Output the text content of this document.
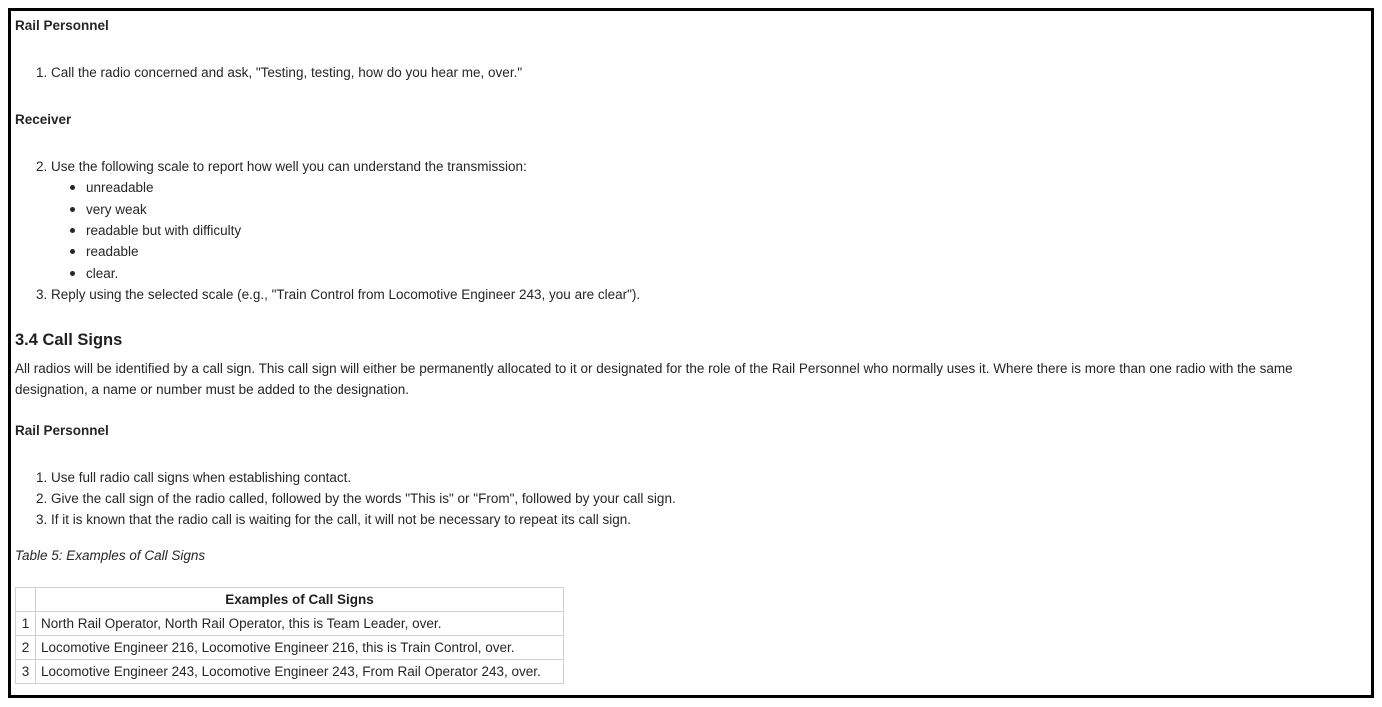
Rail Personnel
1. Call the radio concerned and ask, "Testing, testing, how do you hear me, over."
Receiver
2. Use the following scale to report how well you can understand the transmission:
unreadable
very weak
readable but with difficulty
readable
clear.
3. Reply using the selected scale (e.g., "Train Control from Locomotive Engineer 243, you are clear").
3.4 Call Signs
All radios will be identified by a call sign. This call sign will either be permanently allocated to it or designated for the role of the Rail Personnel who normally uses it. Where there is more than one radio with the same designation, a name or number must be added to the designation.
Rail Personnel
1. Use full radio call signs when establishing contact.
2. Give the call sign of the radio called, followed by the words "This is" or "From", followed by your call sign.
3. If it is known that the radio call is waiting for the call, it will not be necessary to repeat its call sign.
Table 5: Examples of Call Signs
	Examples of Call Signs
1	North Rail Operator, North Rail Operator, this is Team Leader, over.
2	Locomotive Engineer 216, Locomotive Engineer 216, this is Train Control, over.
3	Locomotive Engineer 243, Locomotive Engineer 243, From Rail Operator 243, over.
